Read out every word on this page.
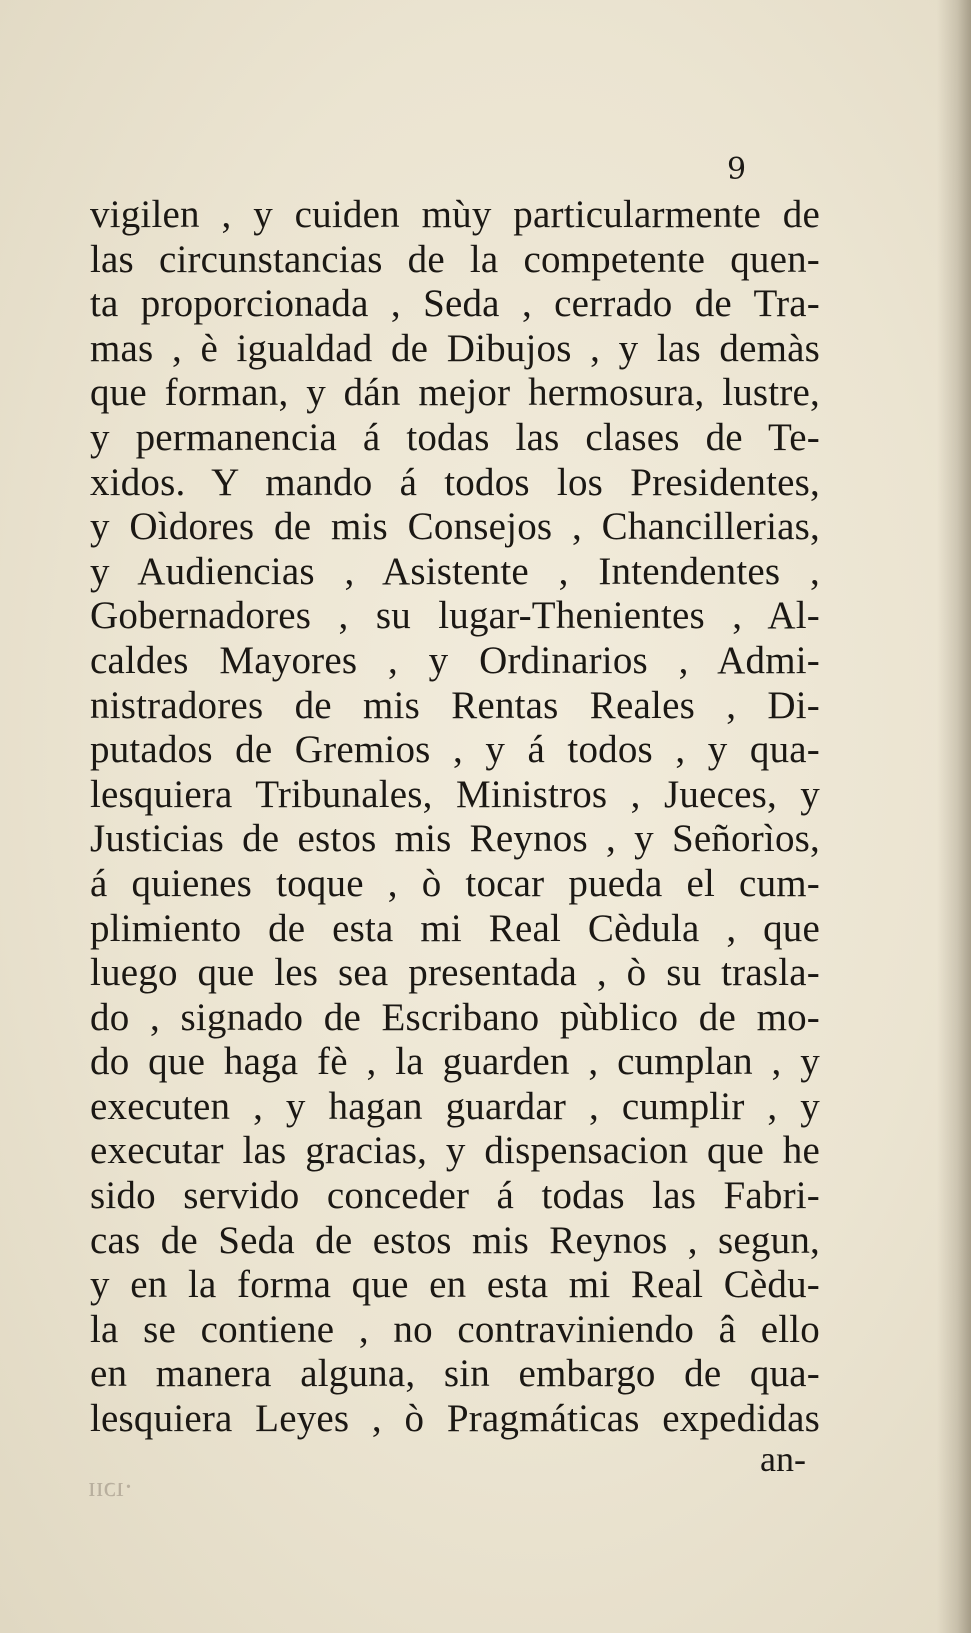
9

vigilen , y cuiden mùy particularmente de
las circunstancias de la competente quen-
ta proporcionada , Seda , cerrado de Tra-
mas , è igualdad de Dibujos , y las demàs
que forman, y dán mejor hermosura, lustre,
y permanencia á todas las clases de Te-
xidos. Y mando á todos los Presidentes,
y Oìdores de mis Consejos , Chancillerias,
y Audiencias , Asistente , Intendentes ,
Gobernadores , su lugar-Thenientes , Al-
caldes Mayores , y Ordinarios , Admi-
nistradores de mis Rentas Reales , Di-
putados de Gremios , y á todos , y qua-
lesquiera Tribunales, Ministros , Jueces, y
Justicias de estos mis Reynos , y Señorìos,
á quienes toque , ò tocar pueda el cum-
plimiento de esta mi Real Cèdula , que
luego que les sea presentada , ò su trasla-
do , signado de Escribano pùblico de mo-
do que haga fè , la guarden , cumplan , y
executen , y hagan guardar , cumplir , y
executar las gracias, y dispensacion que he
sido servido conceder á todas las Fabri-
cas de Seda de estos mis Reynos , segun,
y en la forma que en esta mi Real Cèdu-
la se contiene , no contraviniendo â ello
en manera alguna, sin embargo de qua-
lesquiera Leyes , ò Pragmáticas expedidas

·ıɔɪɪ

an-
